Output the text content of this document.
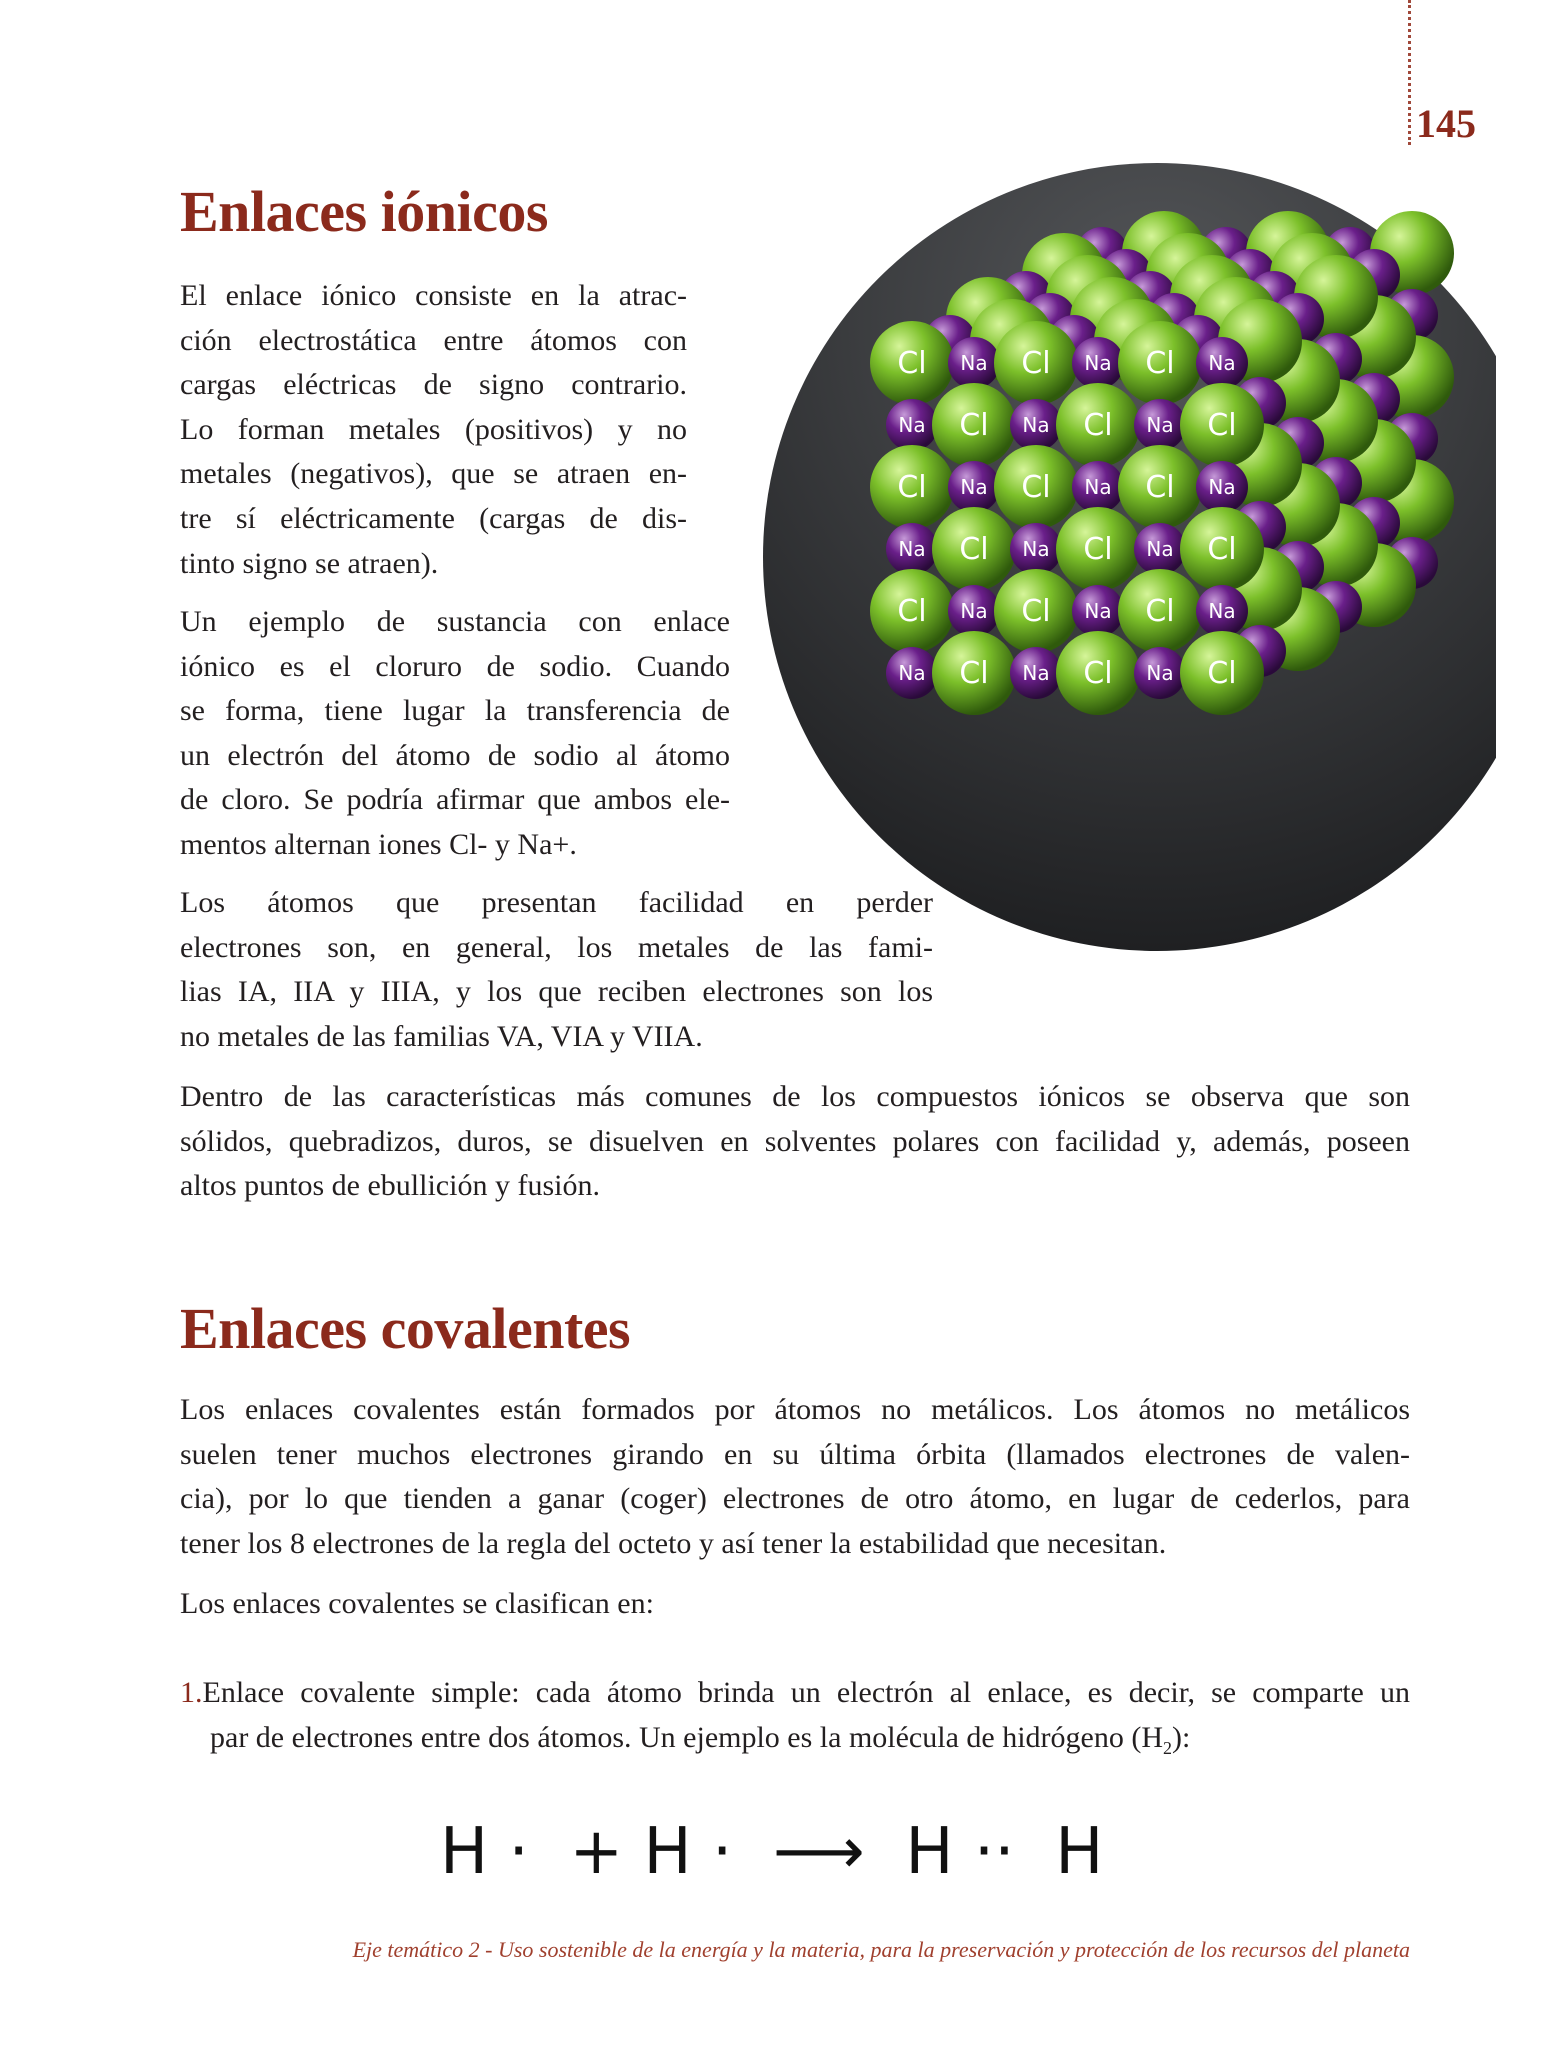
145
Enlaces iónicos
Cl Na
Na
Cl
Cl
Cl
Na
Na
Na
Na
Cl
Cl
Cl
Cl
Cl
Na
Na
Na
Na
Na
Na
Cl
Cl
Cl
Cl
Cl
Na
Na
Na
Na
Cl
Cl
Cl
Na
Na Cl
El enlace iónico consiste en la atrac-
ción electrostática entre átomos con
cargas eléctricas de signo contrario.
Lo forman metales (positivos) y no
metales (negativos), que se atraen en-
tre sí eléctricamente (cargas de dis-
tinto signo se atraen).
Un ejemplo de sustancia con enlace
iónico es el cloruro de sodio. Cuando
se forma, tiene lugar la transferencia de
un electrón del átomo de sodio al átomo
de cloro. Se podría afirmar que ambos ele-
mentos alternan iones Cl- y Na+.
Los átomos que presentan facilidad en perder
electrones son, en general, los metales de las fami-
lias IA, IIA y IIIA, y los que reciben electrones son los
no metales de las familias VA, VIA y VIIA.
Dentro de las características más comunes de los compuestos iónicos se observa que son
sólidos, quebradizos, duros, se disuelven en solventes polares con facilidad y, además, poseen
altos puntos de ebullición y fusión.
Enlaces covalentes
Los enlaces covalentes están formados por átomos no metálicos. Los átomos no metálicos
suelen tener muchos electrones girando en su última órbita (llamados electrones de valen-
cia), por lo que tienden a ganar (coger) electrones de otro átomo, en lugar de cederlos, para
tener los 8 electrones de la regla del octeto y así tener la estabilidad que necesitan.
Los enlaces covalentes se clasifican en:
1.Enlace covalente simple: cada átomo brinda un electrón al enlace, es decir, se comparte un
par de electrones entre dos átomos. Un ejemplo es la molécula de hidrógeno $(H_2)$:
H ·  + H ·  ⟶  H ··  H
Eje temático 2 - Uso sostenible de la energía y la materia, para la preservación y protección de los recursos del planeta
